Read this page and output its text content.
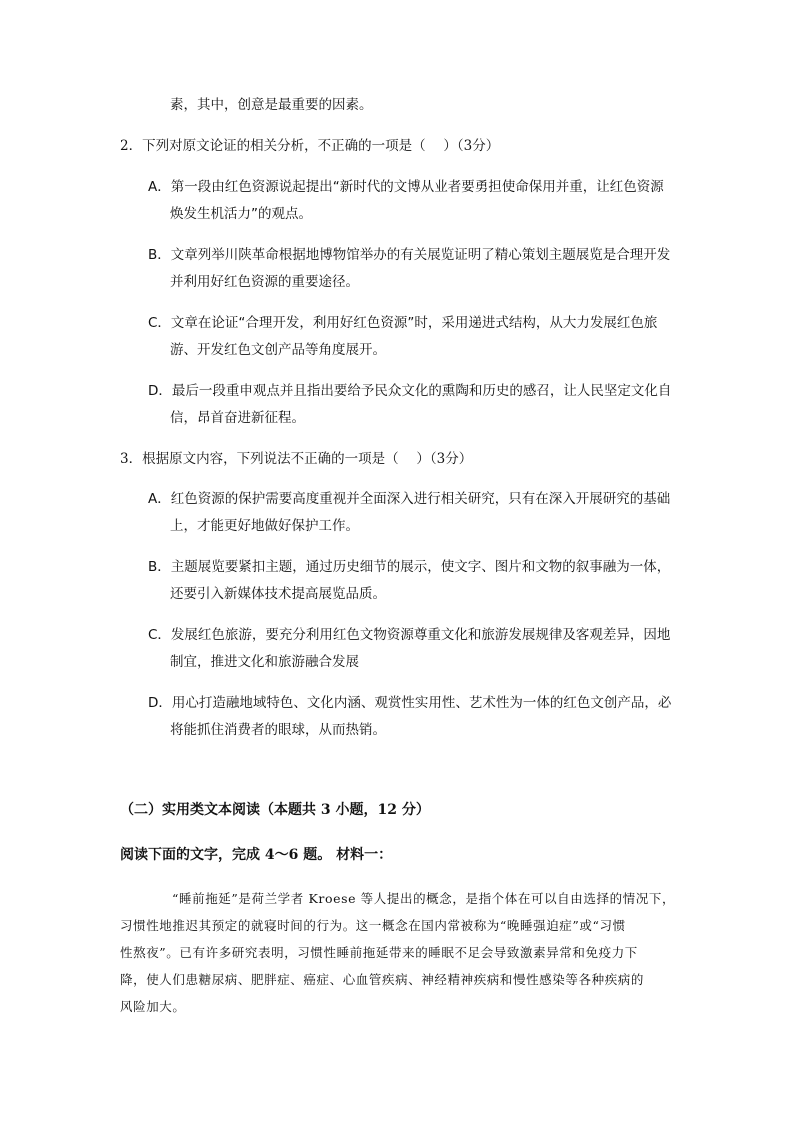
素，其中，创意是最重要的因素。
2．下列对原文论证的相关分析，不正确的一项是（　 ）（3分）
A．第一段由红色资源说起提出“新时代的文博从业者要勇担使命保用并重，让红色资源
焕发生机活力”的观点。
B．文章列举川陕革命根据地博物馆举办的有关展览证明了精心策划主题展览是合理开发
并利用好红色资源的重要途径。
C．文章在论证“合理开发，利用好红色资源”时，采用递进式结构，从大力发展红色旅
游、开发红色文创产品等角度展开。
D．最后一段重申观点并且指出要给予民众文化的熏陶和历史的感召，让人民坚定文化自
信，昂首奋进新征程。
3．根据原文内容，下列说法不正确的一项是（　 ）（3分）
A．红色资源的保护需要高度重视并全面深入进行相关研究，只有在深入开展研究的基础
上，才能更好地做好保护工作。
B．主题展览要紧扣主题，通过历史细节的展示，使文字、图片和文物的叙事融为一体，
还要引入新媒体技术提高展览品质。
C．发展红色旅游，要充分利用红色文物资源尊重文化和旅游发展规律及客观差异，因地
制宜，推进文化和旅游融合发展
D．用心打造融地域特色、文化内涵、观赏性实用性、艺术性为一体的红色文创产品，必
将能抓住消费者的眼球，从而热销。
（二）实用类文本阅读（本题共 3 小题，12 分）
阅读下面的文字，完成 4～6 题。 材料一：
“睡前拖延”是荷兰学者 Kroese 等人提出的概念，是指个体在可以自由选择的情况下，
习惯性地推迟其预定的就寝时间的行为。这一概念在国内常被称为“晚睡强迫症”或“习惯
性熬夜”。已有许多研究表明，习惯性睡前拖延带来的睡眠不足会导致激素异常和免疫力下
降，使人们患糖尿病、肥胖症、癌症、心血管疾病、神经精神疾病和慢性感染等各种疾病的
风险加大。
